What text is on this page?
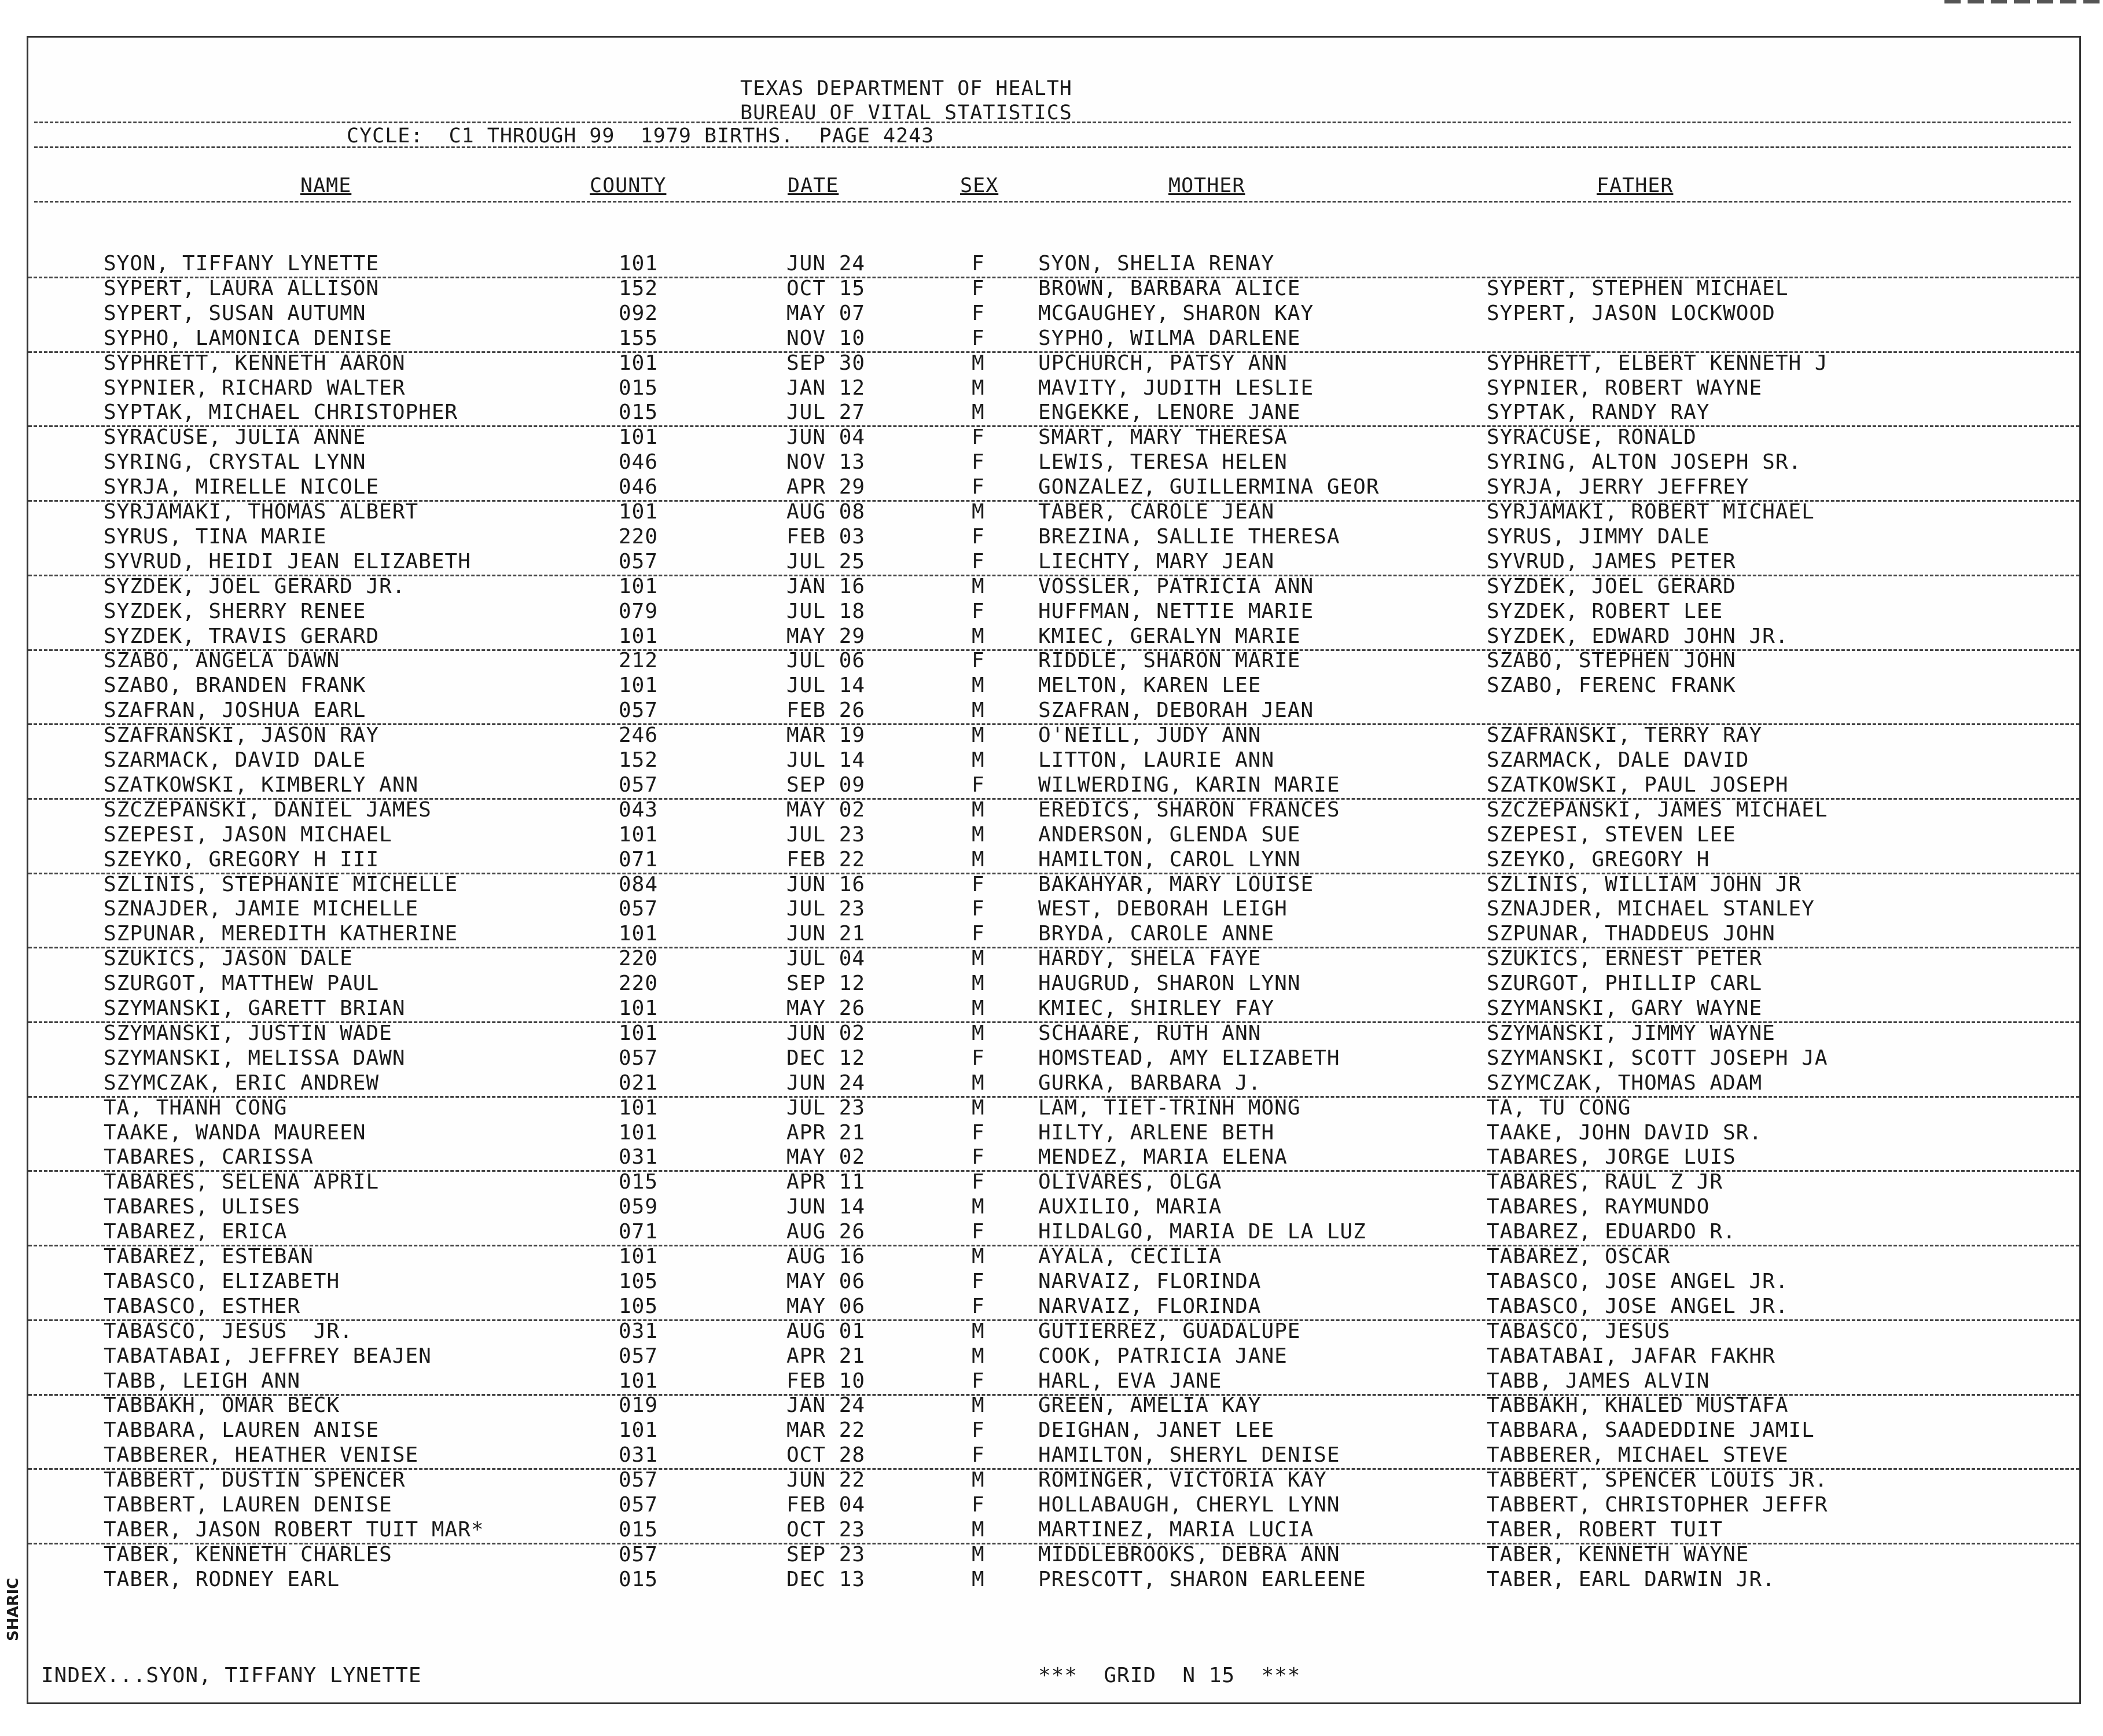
TEXAS DEPARTMENT OF HEALTH
BUREAU OF VITAL STATISTICS
CYCLE:  C1 THROUGH 99  1979 BIRTHS.  PAGE 4243
NAME	COUNTY	DATE	SEX	MOTHER	FATHER
SYON, TIFFANY LYNETTE	101	JUN 24	F	SYON, SHELIA RENAY
SYPERT, LAURA ALLISON	152	OCT 15	F	BROWN, BARBARA ALICE	SYPERT, STEPHEN MICHAEL
SYPERT, SUSAN AUTUMN	092	MAY 07	F	MCGAUGHEY, SHARON KAY	SYPERT, JASON LOCKWOOD
SYPHO, LAMONICA DENISE	155	NOV 10	F	SYPHO, WILMA DARLENE
SYPHRETT, KENNETH AARON	101	SEP 30	M	UPCHURCH, PATSY ANN	SYPHRETT, ELBERT KENNETH J
SYPNIER, RICHARD WALTER	015	JAN 12	M	MAVITY, JUDITH LESLIE	SYPNIER, ROBERT WAYNE
SYPTAK, MICHAEL CHRISTOPHER	015	JUL 27	M	ENGEKKE, LENORE JANE	SYPTAK, RANDY RAY
SYRACUSE, JULIA ANNE	101	JUN 04	F	SMART, MARY THERESA	SYRACUSE, RONALD
SYRING, CRYSTAL LYNN	046	NOV 13	F	LEWIS, TERESA HELEN	SYRING, ALTON JOSEPH SR.
SYRJA, MIRELLE NICOLE	046	APR 29	F	GONZALEZ, GUILLERMINA GEOR	SYRJA, JERRY JEFFREY
SYRJAMAKI, THOMAS ALBERT	101	AUG 08	M	TABER, CAROLE JEAN	SYRJAMAKI, ROBERT MICHAEL
SYRUS, TINA MARIE	220	FEB 03	F	BREZINA, SALLIE THERESA	SYRUS, JIMMY DALE
SYVRUD, HEIDI JEAN ELIZABETH	057	JUL 25	F	LIECHTY, MARY JEAN	SYVRUD, JAMES PETER
SYZDEK, JOEL GERARD JR.	101	JAN 16	M	VOSSLER, PATRICIA ANN	SYZDEK, JOEL GERARD
SYZDEK, SHERRY RENEE	079	JUL 18	F	HUFFMAN, NETTIE MARIE	SYZDEK, ROBERT LEE
SYZDEK, TRAVIS GERARD	101	MAY 29	M	KMIEC, GERALYN MARIE	SYZDEK, EDWARD JOHN JR.
SZABO, ANGELA DAWN	212	JUL 06	F	RIDDLE, SHARON MARIE	SZABO, STEPHEN JOHN
SZABO, BRANDEN FRANK	101	JUL 14	M	MELTON, KAREN LEE	SZABO, FERENC FRANK
SZAFRAN, JOSHUA EARL	057	FEB 26	M	SZAFRAN, DEBORAH JEAN
SZAFRANSKI, JASON RAY	246	MAR 19	M	O'NEILL, JUDY ANN	SZAFRANSKI, TERRY RAY
SZARMACK, DAVID DALE	152	JUL 14	M	LITTON, LAURIE ANN	SZARMACK, DALE DAVID
SZATKOWSKI, KIMBERLY ANN	057	SEP 09	F	WILWERDING, KARIN MARIE	SZATKOWSKI, PAUL JOSEPH
SZCZEPANSKI, DANIEL JAMES	043	MAY 02	M	EREDICS, SHARON FRANCES	SZCZEPANSKI, JAMES MICHAEL
SZEPESI, JASON MICHAEL	101	JUL 23	M	ANDERSON, GLENDA SUE	SZEPESI, STEVEN LEE
SZEYKO, GREGORY H III	071	FEB 22	M	HAMILTON, CAROL LYNN	SZEYKO, GREGORY H
SZLINIS, STEPHANIE MICHELLE	084	JUN 16	F	BAKAHYAR, MARY LOUISE	SZLINIS, WILLIAM JOHN JR
SZNAJDER, JAMIE MICHELLE	057	JUL 23	F	WEST, DEBORAH LEIGH	SZNAJDER, MICHAEL STANLEY
SZPUNAR, MEREDITH KATHERINE	101	JUN 21	F	BRYDA, CAROLE ANNE	SZPUNAR, THADDEUS JOHN
SZUKICS, JASON DALE	220	JUL 04	M	HARDY, SHELA FAYE	SZUKICS, ERNEST PETER
SZURGOT, MATTHEW PAUL	220	SEP 12	M	HAUGRUD, SHARON LYNN	SZURGOT, PHILLIP CARL
SZYMANSKI, GARETT BRIAN	101	MAY 26	M	KMIEC, SHIRLEY FAY	SZYMANSKI, GARY WAYNE
SZYMANSKI, JUSTIN WADE	101	JUN 02	M	SCHAARE, RUTH ANN	SZYMANSKI, JIMMY WAYNE
SZYMANSKI, MELISSA DAWN	057	DEC 12	F	HOMSTEAD, AMY ELIZABETH	SZYMANSKI, SCOTT JOSEPH JA
SZYMCZAK, ERIC ANDREW	021	JUN 24	M	GURKA, BARBARA J.	SZYMCZAK, THOMAS ADAM
TA, THANH CONG	101	JUL 23	M	LAM, TIET-TRINH MONG	TA, TU CONG
TAAKE, WANDA MAUREEN	101	APR 21	F	HILTY, ARLENE BETH	TAAKE, JOHN DAVID SR.
TABARES, CARISSA	031	MAY 02	F	MENDEZ, MARIA ELENA	TABARES, JORGE LUIS
TABARES, SELENA APRIL	015	APR 11	F	OLIVARES, OLGA	TABARES, RAUL Z JR
TABARES, ULISES	059	JUN 14	M	AUXILIO, MARIA	TABARES, RAYMUNDO
TABAREZ, ERICA	071	AUG 26	F	HILDALGO, MARIA DE LA LUZ	TABAREZ, EDUARDO R.
TABAREZ, ESTEBAN	101	AUG 16	M	AYALA, CECILIA	TABAREZ, OSCAR
TABASCO, ELIZABETH	105	MAY 06	F	NARVAIZ, FLORINDA	TABASCO, JOSE ANGEL JR.
TABASCO, ESTHER	105	MAY 06	F	NARVAIZ, FLORINDA	TABASCO, JOSE ANGEL JR.
TABASCO, JESUS  JR.	031	AUG 01	M	GUTIERREZ, GUADALUPE	TABASCO, JESUS
TABATABAI, JEFFREY BEAJEN	057	APR 21	M	COOK, PATRICIA JANE	TABATABAI, JAFAR FAKHR
TABB, LEIGH ANN	101	FEB 10	F	HARL, EVA JANE	TABB, JAMES ALVIN
TABBAKH, OMAR BECK	019	JAN 24	M	GREEN, AMELIA KAY	TABBAKH, KHALED MUSTAFA
TABBARA, LAUREN ANISE	101	MAR 22	F	DEIGHAN, JANET LEE	TABBARA, SAADEDDINE JAMIL
TABBERER, HEATHER VENISE	031	OCT 28	F	HAMILTON, SHERYL DENISE	TABBERER, MICHAEL STEVE
TABBERT, DUSTIN SPENCER	057	JUN 22	M	ROMINGER, VICTORIA KAY	TABBERT, SPENCER LOUIS JR.
TABBERT, LAUREN DENISE	057	FEB 04	F	HOLLABAUGH, CHERYL LYNN	TABBERT, CHRISTOPHER JEFFR
TABER, JASON ROBERT TUIT MAR*	015	OCT 23	M	MARTINEZ, MARIA LUCIA	TABER, ROBERT TUIT
TABER, KENNETH CHARLES	057	SEP 23	M	MIDDLEBROOKS, DEBRA ANN	TABER, KENNETH WAYNE
TABER, RODNEY EARL	015	DEC 13	M	PRESCOTT, SHARON EARLEENE	TABER, EARL DARWIN JR.
INDEX...SYON, TIFFANY LYNETTE	***  GRID  N 15  ***
SHARIC
